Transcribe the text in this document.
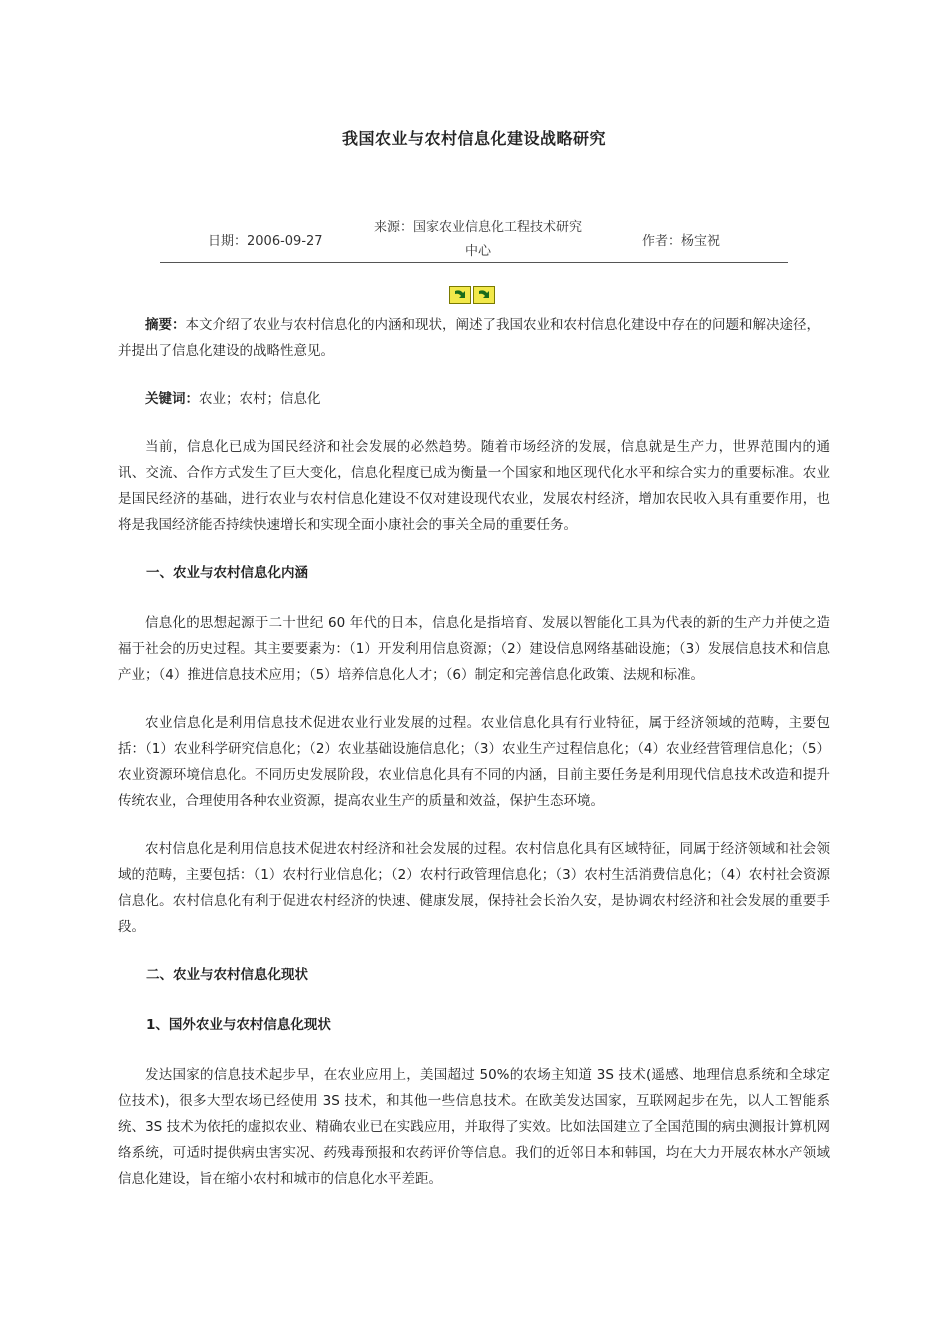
我国农业与农村信息化建设战略研究
日期：2006-09-27
来源：国家农业信息化工程技术研究中心
作者：杨宝祝

摘要：本文介绍了农业与农村信息化的内涵和现状，阐述了我国农业和农村信息化建设中存在的问题和解决途径，并提出了信息化建设的战略性意见。

关键词：农业；农村；信息化

当前，信息化已成为国民经济和社会发展的必然趋势。随着市场经济的发展，信息就是生产力，世界范围内的通讯、交流、合作方式发生了巨大变化，信息化程度已成为衡量一个国家和地区现代化水平和综合实力的重要标准。农业是国民经济的基础，进行农业与农村信息化建设不仅对建设现代农业，发展农村经济，增加农民收入具有重要作用，也将是我国经济能否持续快速增长和实现全面小康社会的事关全局的重要任务。

一、农业与农村信息化内涵

信息化的思想起源于二十世纪 60 年代的日本，信息化是指培育、发展以智能化工具为代表的新的生产力并使之造福于社会的历史过程。其主要要素为：（1）开发利用信息资源；（2）建设信息网络基础设施；（3）发展信息技术和信息产业；（4）推进信息技术应用；（5）培养信息化人才；（6）制定和完善信息化政策、法规和标准。

农业信息化是利用信息技术促进农业行业发展的过程。农业信息化具有行业特征，属于经济领域的范畴，主要包括：（1）农业科学研究信息化；（2）农业基础设施信息化；（3）农业生产过程信息化；（4）农业经营管理信息化；（5）农业资源环境信息化。不同历史发展阶段，农业信息化具有不同的内涵，目前主要任务是利用现代信息技术改造和提升传统农业，合理使用各种农业资源，提高农业生产的质量和效益，保护生态环境。

农村信息化是利用信息技术促进农村经济和社会发展的过程。农村信息化具有区域特征，同属于经济领域和社会领域的范畴，主要包括：（1）农村行业信息化；（2）农村行政管理信息化；（3）农村生活消费信息化；（4）农村社会资源信息化。农村信息化有利于促进农村经济的快速、健康发展，保持社会长治久安，是协调农村经济和社会发展的重要手段。

二、农业与农村信息化现状
1、国外农业与农村信息化现状

发达国家的信息技术起步早，在农业应用上，美国超过 50%的农场主知道 3S 技术(遥感、地理信息系统和全球定位技术)，很多大型农场已经使用 3S 技术，和其他一些信息技术。在欧美发达国家，互联网起步在先，以人工智能系统、3S 技术为依托的虚拟农业、精确农业已在实践应用，并取得了实效。比如法国建立了全国范围的病虫测报计算机网络系统，可适时提供病虫害实况、药残毒预报和农药评价等信息。我们的近邻日本和韩国，均在大力开展农林水产领域信息化建设，旨在缩小农村和城市的信息化水平差距。
